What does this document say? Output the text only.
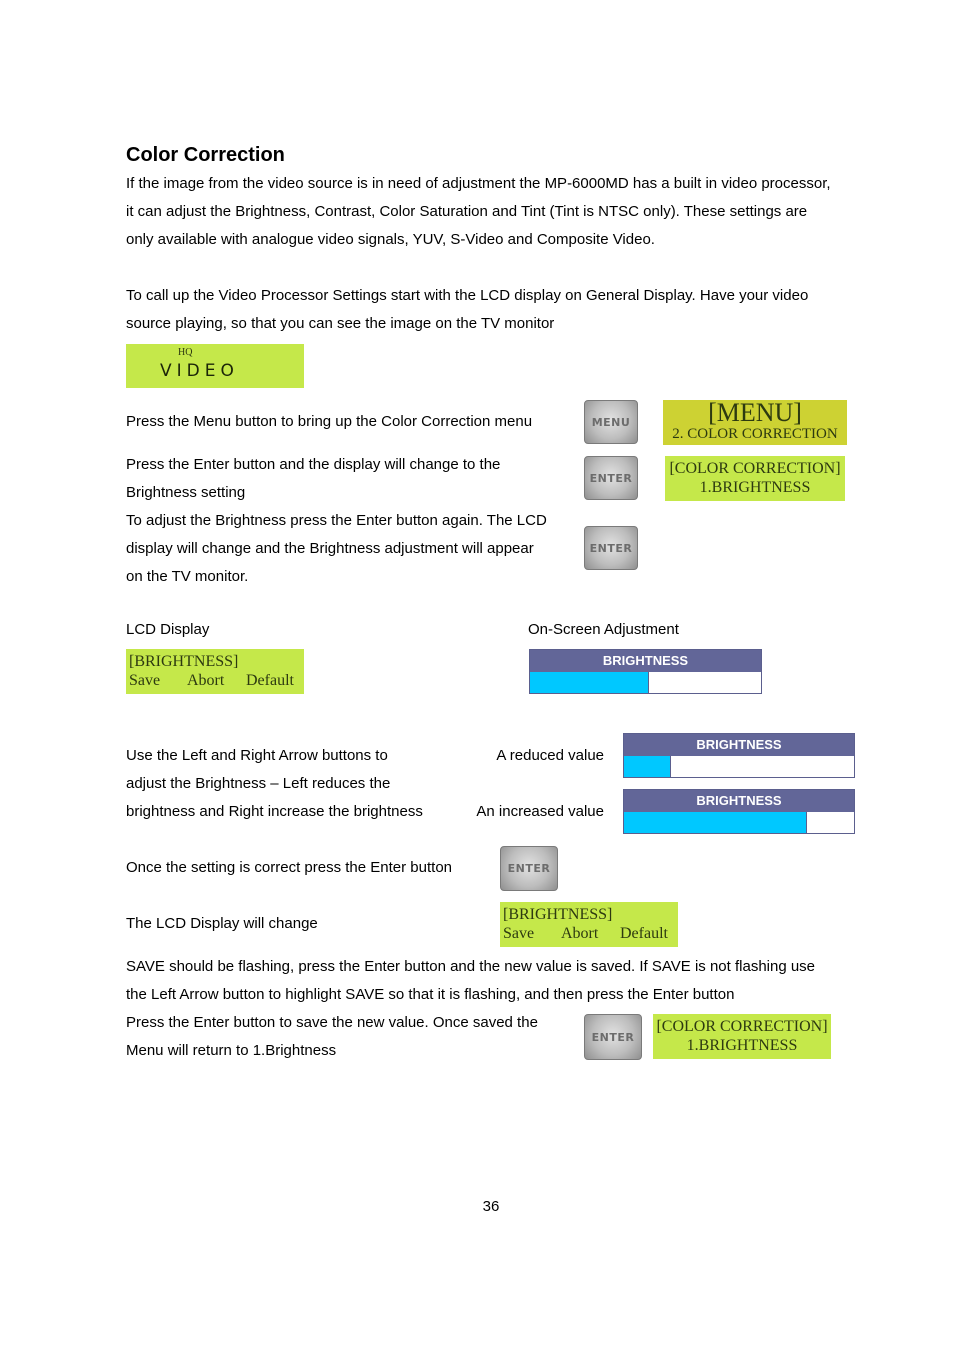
Color Correction
If the image from the video source is in need of adjustment the MP-6000MD has a built in video processor,
it can adjust the Brightness, Contrast, Color Saturation and Tint (Tint is NTSC only). These settings are
only available with analogue video signals, YUV, S-Video and Composite Video.
To call up the Video Processor Settings start with the LCD display on General Display. Have your video
source playing, so that you can see the image on the TV monitor
HQ
VIDEO
Press the Menu button to bring up the Color Correction menu	MENU	[MENU]
2. COLOR CORRECTION
Press the Enter button and the display will change to the
Brightness setting
ENTER
[COLOR CORRECTION]
1.BRIGHTNESS
To adjust the Brightness press the Enter button again. The LCD
display will change and the Brightness adjustment will appear
on the TV monitor.
ENTER
LCD Display	On-Screen Adjustment
[BRIGHTNESS]
Save Abort Default
BRIGHTNESS
Use the Left and Right Arrow buttons to
adjust the Brightness – Left reduces the
brightness and Right increase the brightness
A reduced value
An increased value
BRIGHTNESS
BRIGHTNESS
Once the setting is correct press the Enter button	ENTER
The LCD Display will change
[BRIGHTNESS]
Save Abort Default
SAVE should be flashing, press the Enter button and the new value is saved. If SAVE is not flashing use
the Left Arrow button to highlight SAVE so that it is flashing, and then press the Enter button
Press the Enter button to save the new value. Once saved the
Menu will return to 1.Brightness
ENTER
[COLOR CORRECTION]
1.BRIGHTNESS
36
